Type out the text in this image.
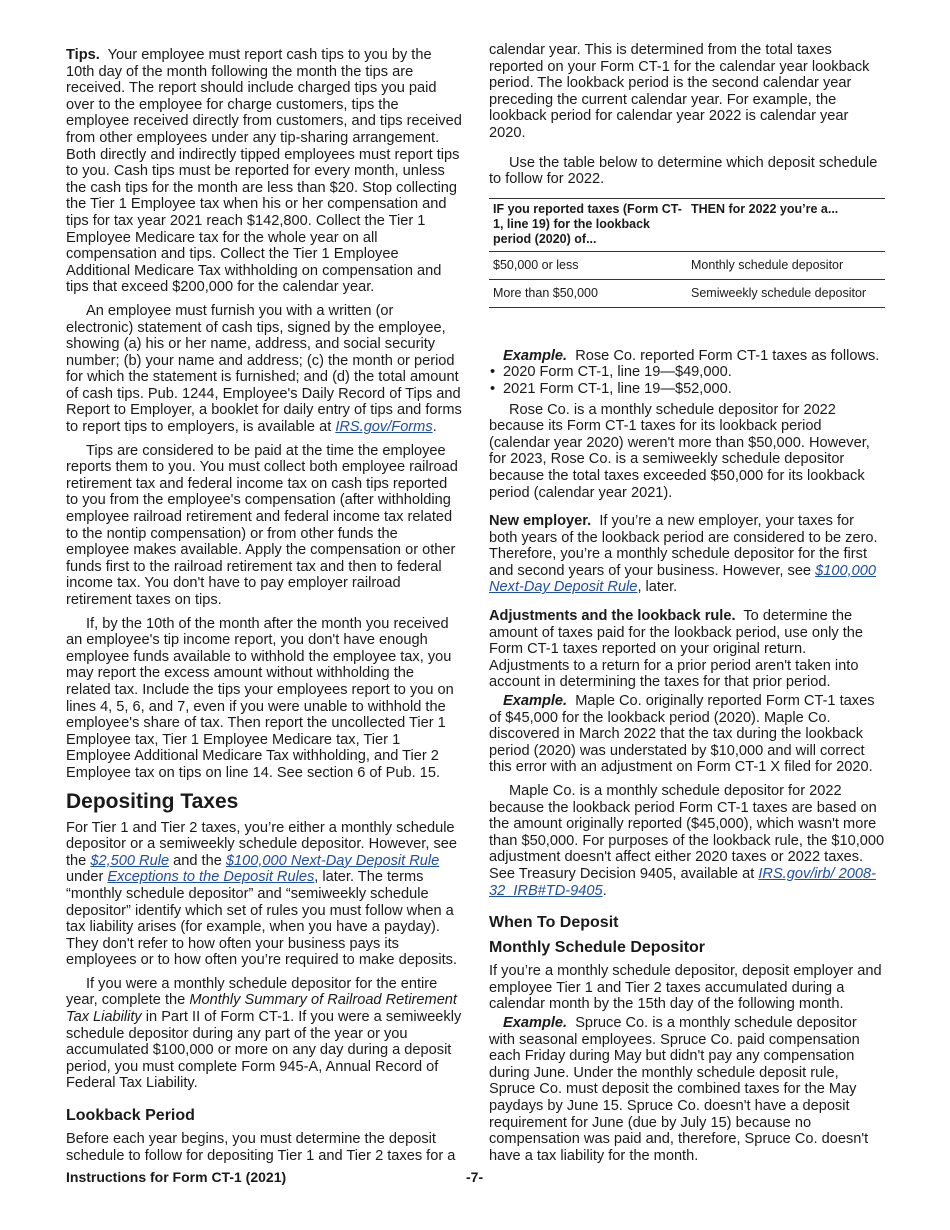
Tips. Your employee must report cash tips to you by the 10th day of the month following the month the tips are received. The report should include charged tips you paid over to the employee for charge customers, tips the employee received directly from customers, and tips received from other employees under any tip-sharing arrangement. Both directly and indirectly tipped employees must report tips to you. Cash tips must be reported for every month, unless the cash tips for the month are less than $20. Stop collecting the Tier 1 Employee tax when his or her compensation and tips for tax year 2021 reach $142,800. Collect the Tier 1 Employee Medicare tax for the whole year on all compensation and tips. Collect the Tier 1 Employee Additional Medicare Tax withholding on compensation and tips that exceed $200,000 for the calendar year.

An employee must furnish you with a written (or electronic) statement of cash tips, signed by the employee, showing (a) his or her name, address, and social security number; (b) your name and address; (c) the month or period for which the statement is furnished; and (d) the total amount of cash tips. Pub. 1244, Employee's Daily Record of Tips and Report to Employer, a booklet for daily entry of tips and forms to report tips to employers, is available at IRS.gov/Forms.

Tips are considered to be paid at the time the employee reports them to you. You must collect both employee railroad retirement tax and federal income tax on cash tips reported to you from the employee's compensation (after withholding employee railroad retirement and federal income tax related to the nontip compensation) or from other funds the employee makes available. Apply the compensation or other funds first to the railroad retirement tax and then to federal income tax. You don't have to pay employer railroad retirement taxes on tips.

If, by the 10th of the month after the month you received an employee's tip income report, you don't have enough employee funds available to withhold the employee tax, you may report the excess amount without withholding the related tax. Include the tips your employees report to you on lines 4, 5, 6, and 7, even if you were unable to withhold the employee's share of tax. Then report the uncollected Tier 1 Employee tax, Tier 1 Employee Medicare tax, Tier 1 Employee Additional Medicare Tax withholding, and Tier 2 Employee tax on tips on line 14. See section 6 of Pub. 15.

Depositing Taxes

For Tier 1 and Tier 2 taxes, you’re either a monthly schedule depositor or a semiweekly schedule depositor. However, see the $2,500 Rule and the $100,000 Next-Day Deposit Rule under Exceptions to the Deposit Rules, later. The terms “monthly schedule depositor” and “semiweekly schedule depositor” identify which set of rules you must follow when a tax liability arises (for example, when you have a payday). They don't refer to how often your business pays its employees or to how often you’re required to make deposits.

If you were a monthly schedule depositor for the entire year, complete the Monthly Summary of Railroad Retirement Tax Liability in Part II of Form CT-1. If you were a semiweekly schedule depositor during any part of the year or you accumulated $100,000 or more on any day during a deposit period, you must complete Form 945-A, Annual Record of Federal Tax Liability.

Lookback Period

Before each year begins, you must determine the deposit schedule to follow for depositing Tier 1 and Tier 2 taxes for a

calendar year. This is determined from the total taxes reported on your Form CT-1 for the calendar year lookback period. The lookback period is the second calendar year preceding the current calendar year. For example, the lookback period for calendar year 2022 is calendar year 2020.

Use the table below to determine which deposit schedule to follow for 2022.

IF you reported taxes (Form CT-1, line 19) for the lookback period (2020) of...	THEN for 2022 you’re a...
$50,000 or less	Monthly schedule depositor
More than $50,000	Semiweekly schedule depositor

Example. Rose Co. reported Form CT-1 taxes as follows.

• 2020 Form CT-1, line 19—$49,000.
• 2021 Form CT-1, line 19—$52,000.

Rose Co. is a monthly schedule depositor for 2022 because its Form CT-1 taxes for its lookback period (calendar year 2020) weren't more than $50,000. However, for 2023, Rose Co. is a semiweekly schedule depositor because the total taxes exceeded $50,000 for its lookback period (calendar year 2021).

New employer. If you’re a new employer, your taxes for both years of the lookback period are considered to be zero. Therefore, you’re a monthly schedule depositor for the first and second years of your business. However, see $100,000 Next-Day Deposit Rule, later.

Adjustments and the lookback rule. To determine the amount of taxes paid for the lookback period, use only the Form CT-1 taxes reported on your original return. Adjustments to a return for a prior period aren't taken into account in determining the taxes for that prior period.

Example. Maple Co. originally reported Form CT-1 taxes of $45,000 for the lookback period (2020). Maple Co. discovered in March 2022 that the tax during the lookback period (2020) was understated by $10,000 and will correct this error with an adjustment on Form CT-1 X filed for 2020.

Maple Co. is a monthly schedule depositor for 2022 because the lookback period Form CT-1 taxes are based on the amount originally reported ($45,000), which wasn't more than $50,000. For purposes of the lookback rule, the $10,000 adjustment doesn't affect either 2020 taxes or 2022 taxes. See Treasury Decision 9405, available at IRS.gov/irb/ 2008-32_IRB#TD-9405.

When To Deposit
Monthly Schedule Depositor

If you’re a monthly schedule depositor, deposit employer and employee Tier 1 and Tier 2 taxes accumulated during a calendar month by the 15th day of the following month.

Example. Spruce Co. is a monthly schedule depositor with seasonal employees. Spruce Co. paid compensation each Friday during May but didn't pay any compensation during June. Under the monthly schedule deposit rule, Spruce Co. must deposit the combined taxes for the May paydays by June 15. Spruce Co. doesn't have a deposit requirement for June (due by July 15) because no compensation was paid and, therefore, Spruce Co. doesn't have a tax liability for the month.

Instructions for Form CT-1 (2021)	-7-
